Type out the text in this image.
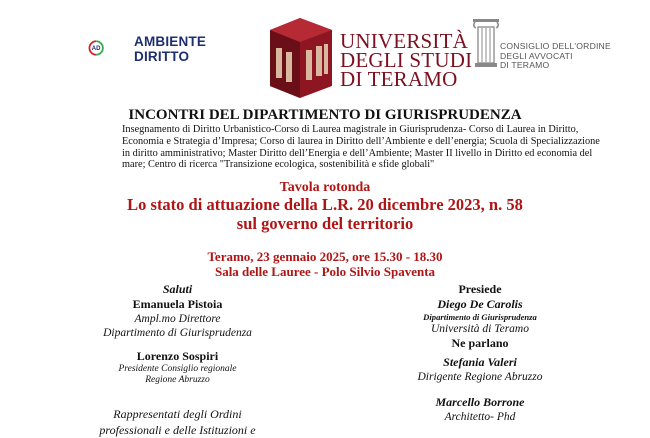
AD
AMBIENTE
DIRITTO
UNIVERSITÀ
DEGLI STUDI
DI TERAMO
CONSIGLIO DELL'ORDINE
DEGLI AVVOCATI
DI TERAMO
INCONTRI DEL DIPARTIMENTO DI GIURISPRUDENZA
Insegnamento di Diritto Urbanistico-Corso di Laurea magistrale in Giurisprudenza- Corso di Laurea in Diritto,
Economia e Strategia d’Impresa; Corso di laurea in Diritto dell’Ambiente e dell’energia; Scuola di Specializzazione
in diritto amministrativo; Master Diritto dell’Energia e dell’Ambiente; Master II livello in Diritto ed economia del
mare; Centro di ricerca "Transizione ecologica, sostenibilità e sfide globali"
Tavola rotonda
Lo stato di attuazione della L.R. 20 dicembre 2023, n. 58
sul governo del territorio
Teramo, 23 gennaio 2025, ore 15.30 - 18.30
Sala delle Lauree - Polo Silvio Spaventa
Saluti
Emanuela Pistoia
Ampl.mo Direttore
Dipartimento di Giurisprudenza
Lorenzo Sospiri
Presidente Consiglio regionale
Regione Abruzzo
Rappresentati degli Ordini
professionali e delle Istituzioni e
Presiede
Diego De Carolis
Dipartimento di Giurisprudenza
Università di Teramo
Ne parlano
Stefania Valeri
Dirigente Regione Abruzzo
Marcello Borrone
Architetto- Phd
